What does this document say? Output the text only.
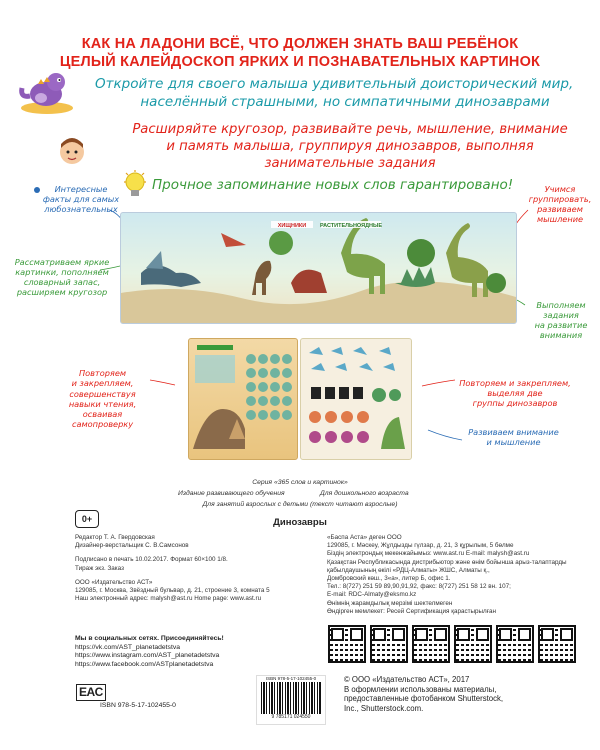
КАК НА ЛАДОНИ ВСЁ, ЧТО ДОЛЖЕН ЗНАТЬ ВАШ РЕБЁНОК
ЦЕЛЫЙ КАЛЕЙДОСКОП ЯРКИХ И ПОЗНАВАТЕЛЬНЫХ КАРТИНОК
Откройте для своего малыша удивительный доисторический мир,
населённый страшными, но симпатичными динозаврами
Расширяйте кругозор, развивайте речь, мышление, внимание
и память малыша, группируя динозавров, выполняя
занимательные задания
Прочное запоминание новых слов гарантировано!
Интересные
факты для самых
любознательных
Учимся
группировать,
развиваем
мышление
ХИЩНИКИ РАСТИТЕЛЬНОЯДНЫЕ
Рассматриваем яркие
картинки, пополняем
словарный запас,
расширяем кругозор
Выполняем
задания
на развитие
внимания
Повторяем
и закрепляем,
совершенствуя
навыки чтения,
осваивая
самопроверку
Повторяем и закрепляем,
выделяя две
группы динозавров
Развиваем внимание
и мышление
Серия «365 слов и картинок»
Издание развивающего обучения	Для дошкольного возраста
Для занятий взрослых с детьми (текст читают взрослые)
0+	Динозавры
Редактор Т. А. Гвердовская
Дизайнер-верстальщик С. В.Самсонов
Подписано в печать 10.02.2017. Формат 60×100 1/8.
Тираж экз. Заказ
ООО «Издательство АСТ»
129085, г. Москва, Звёздный бульвар, д. 21, строение 3, комната 5
Наш электронный адрес: malysh@ast.ru Home page: www.ast.ru
«Баспа Аста» деген ООО
129085, г. Мәскеу, Жұлдызды гүлзар, д. 21, 3 құрылым, 5 бөлме
Біздің электрондық мекенжайымыз: www.ast.ru E-mail: malysh@ast.ru
Қазақстан Республикасында дистрибьютор және өнім бойынша арыз-талаптарды
қабылдаушының өкілі «РДЦ-Алматы» ЖШС, Алматы қ.,
Домбровский көш., 3«а», литер Б, офис 1.
Тел.: 8(727) 251 59 89,90,91,92, факс: 8(727) 251 58 12 вн. 107;
E-mail: RDC-Almaty@eksmo.kz
Өнімнің жарамдылық мерзімі шектелмеген
Өндірген мемлекет: Ресей Сертификация қарастырылған
Мы в социальных сетях. Присоединяйтесь!
https://vk.com/AST_planetadetstva
https://www.instagram.com/AST_planetadetstva
https://www.facebook.com/ASTplanetadetstva
EAC
ISBN 978-5-17-102455-0
ISBN 978-5-17-102455-0
9 785171 024550
© ООО «Издательство АСТ», 2017
В оформлении использованы материалы,
предоставленные фотобанком Shutterstock,
Inc., Shutterstock.com.
